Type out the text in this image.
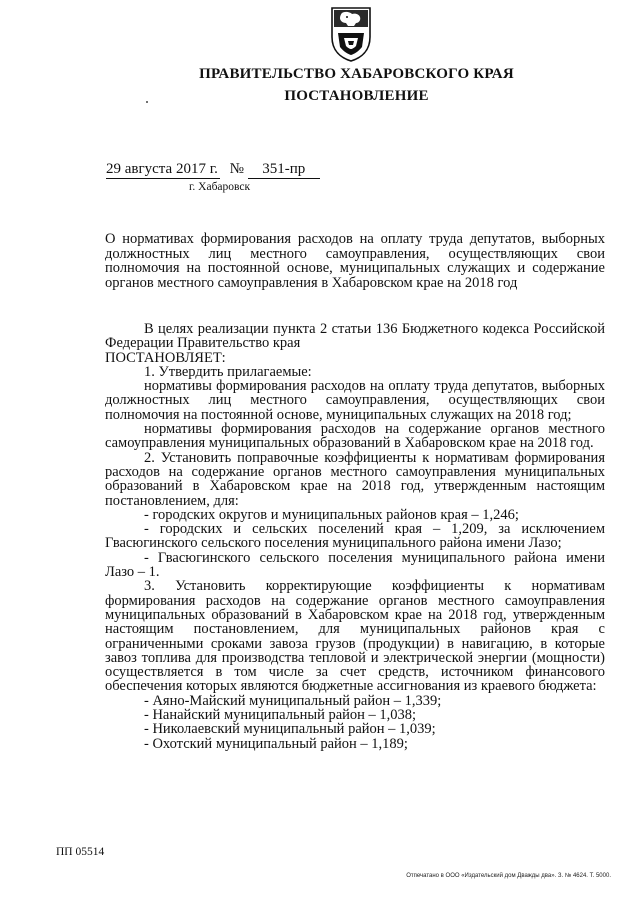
ПРАВИТЕЛЬСТВО ХАБАРОВСКОГО КРАЯ
ПОСТАНОВЛЕНИЕ
29 августа 2017 г. № 351-пр
г. Хабаровск

О нормативах формирования расходов на оплату труда депутатов, выборных должностных лиц местного самоуправления, осуществляющих свои полномочия на постоянной основе, муниципальных служащих и содержание органов местного самоуправления в Хабаровском крае на 2018 год

В целях реализации пункта 2 статьи 136 Бюджетного кодекса Российской Федерации Правительство края

ПОСТАНОВЛЯЕТ:

1. Утвердить прилагаемые:

нормативы формирования расходов на оплату труда депутатов, выборных должностных лиц местного самоуправления, осуществляющих свои полномочия на постоянной основе, муниципальных служащих на 2018 год;

нормативы формирования расходов на содержание органов местного самоуправления муниципальных образований в Хабаровском крае на 2018 год.

2. Установить поправочные коэффициенты к нормативам формирования расходов на содержание органов местного самоуправления муниципальных образований в Хабаровском крае на 2018 год, утвержденным настоящим постановлением, для:

- городских округов и муниципальных районов края – 1,246;

- городских и сельских поселений края – 1,209, за исключением Гвасюгинского сельского поселения муниципального района имени Лазо;

- Гвасюгинского сельского поселения муниципального района имени Лазо – 1.

3. Установить корректирующие коэффициенты к нормативам формирования расходов на содержание органов местного самоуправления муниципальных образований в Хабаровском крае на 2018 год, утвержденным настоящим постановлением, для муниципальных районов края с ограниченными сроками завоза грузов (продукции) в навигацию, в которые завоз топлива для производства тепловой и электрической энергии (мощности) осуществляется в том числе за счет средств, источником финансового обеспечения которых являются бюджетные ассигнования из краевого бюджета:

- Аяно-Майский муниципальный район – 1,339;

- Нанайский муниципальный район – 1,038;

- Николаевский муниципальный район – 1,039;

- Охотский муниципальный район – 1,189;

ПП 05514
Отпечатано в ООО «Издательский дом Дважды два». З. № 4624. Т. 5000.
